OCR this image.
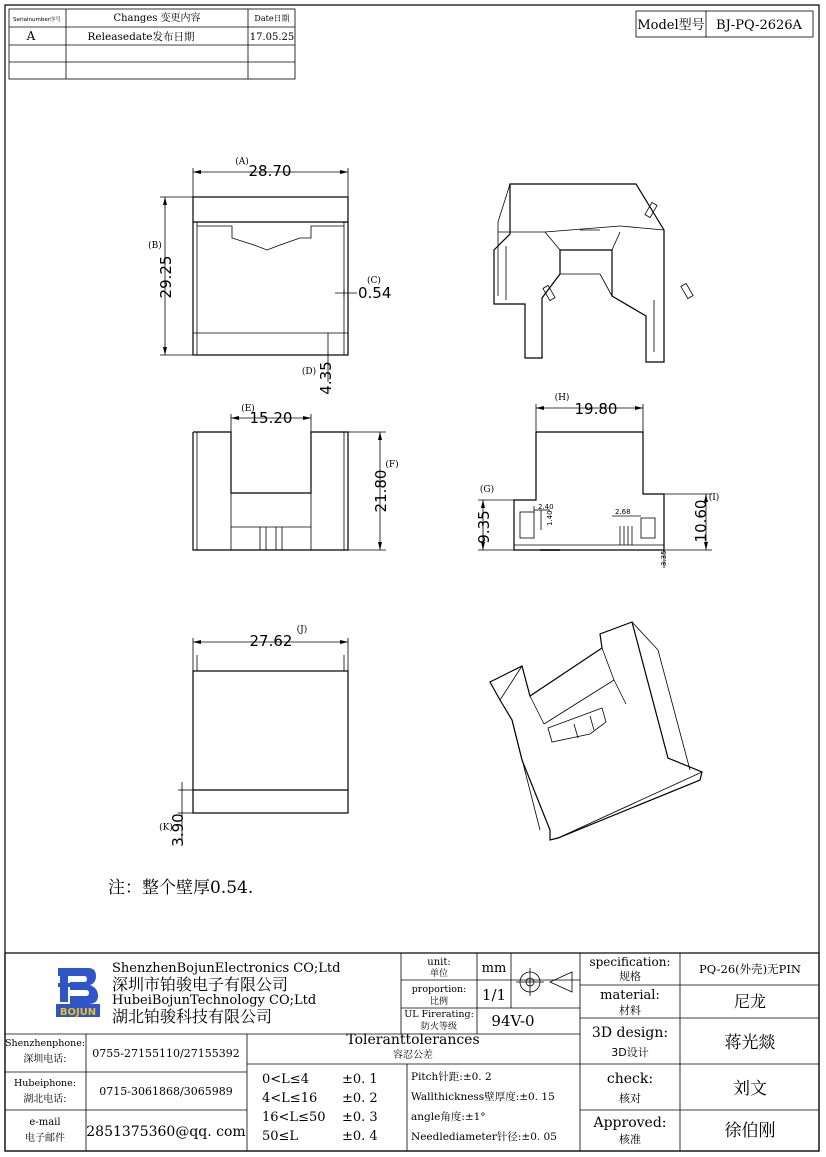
Serialnumber序号	Changes 变更内容	Date日期
A	Releasedate发布日期	17.05.25
Model型号 BJ-PQ-2626A
(A) 28.70
(B)
29.25	(C)
0.54
(D) 4.35
(E)
15.20
(F)
21.80
(H)
19.80
(G)
9.35
(I)
10.60
2.40
1.40	2.68
3.35
(J)
27.62
(K)
3.90
注：整个壁厚0.54.
BOJUN
ShenzhenBojunElectronics CO;Ltd
深圳市铂骏电子有限公司
HubeiBojunTechnology CO;Ltd
湖北铂骏科技有限公司
unit:
单位	mm
proportion:
比例 1/1
UL Firerating:
防火等级 94V-0
Shenzhenphone:
深圳电话: 0755-27155110/27155392
Hubeiphone:
湖北电话:
0715-3061868/3065989
e-mail
电子邮件 2851375360@qq. com
Toleranttolerances
容忍公差
0<L≤4	±0. 1
4<L≤16 ±0. 2
16<L≤50 ±0. 3
50≤L	±0. 4
Pitch针距:±0. 2
Wallthickness壁厚度:±0. 15
angle角度:±1°
Needlediameter针径:±0. 05
specification:
规格
PQ-26(外壳)无PIN
material:
材料	尼龙
3D design:
3D设计	蒋光燚
check:
核对	刘文
Approved:
核准	徐伯刚
